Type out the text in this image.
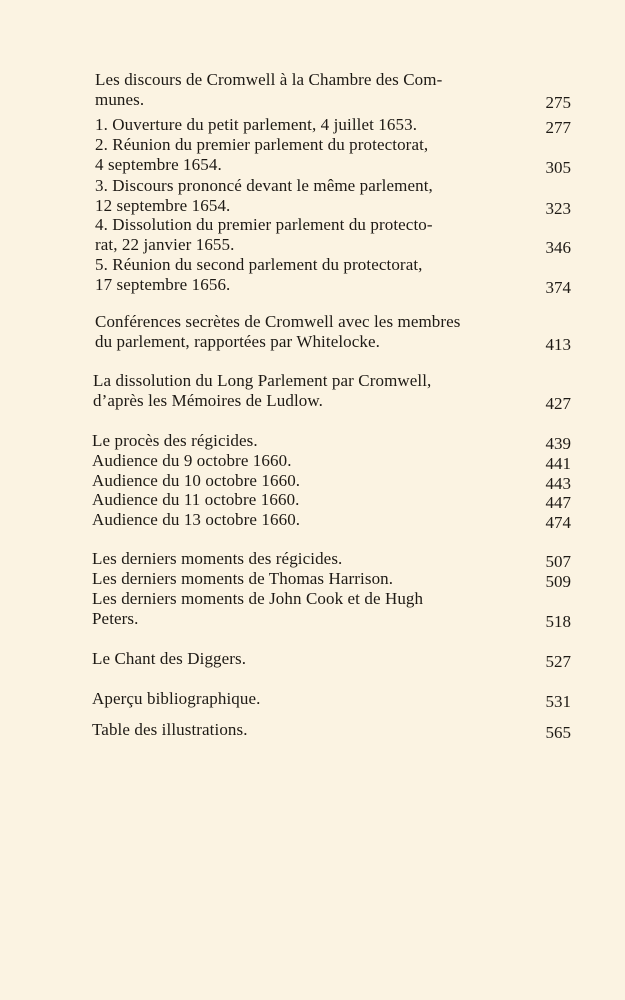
Les discours de Cromwell à la Chambre des Com-
munes.	275
1. Ouverture du petit parlement, 4 juillet 1653.	277
2. Réunion du premier parlement du protectorat,
4 septembre 1654.	305
3. Discours prononcé devant le même parlement,
12 septembre 1654.	323
4. Dissolution du premier parlement du protecto-
rat, 22 janvier 1655.	346
5. Réunion du second parlement du protectorat,
17 septembre 1656.	374
Conférences secrètes de Cromwell avec les membres
du parlement, rapportées par Whitelocke.	413
La dissolution du Long Parlement par Cromwell,
d’après les Mémoires de Ludlow.	427
Le procès des régicides.	439
Audience du 9 octobre 1660.	441
Audience du 10 octobre 1660.	443
Audience du 11 octobre 1660.	447
Audience du 13 octobre 1660.	474
Les derniers moments des régicides.	507
Les derniers moments de Thomas Harrison.	509
Les derniers moments de John Cook et de Hugh
Peters.	518
Le Chant des Diggers.	527
Aperçu bibliographique.	531
Table des illustrations.	565
